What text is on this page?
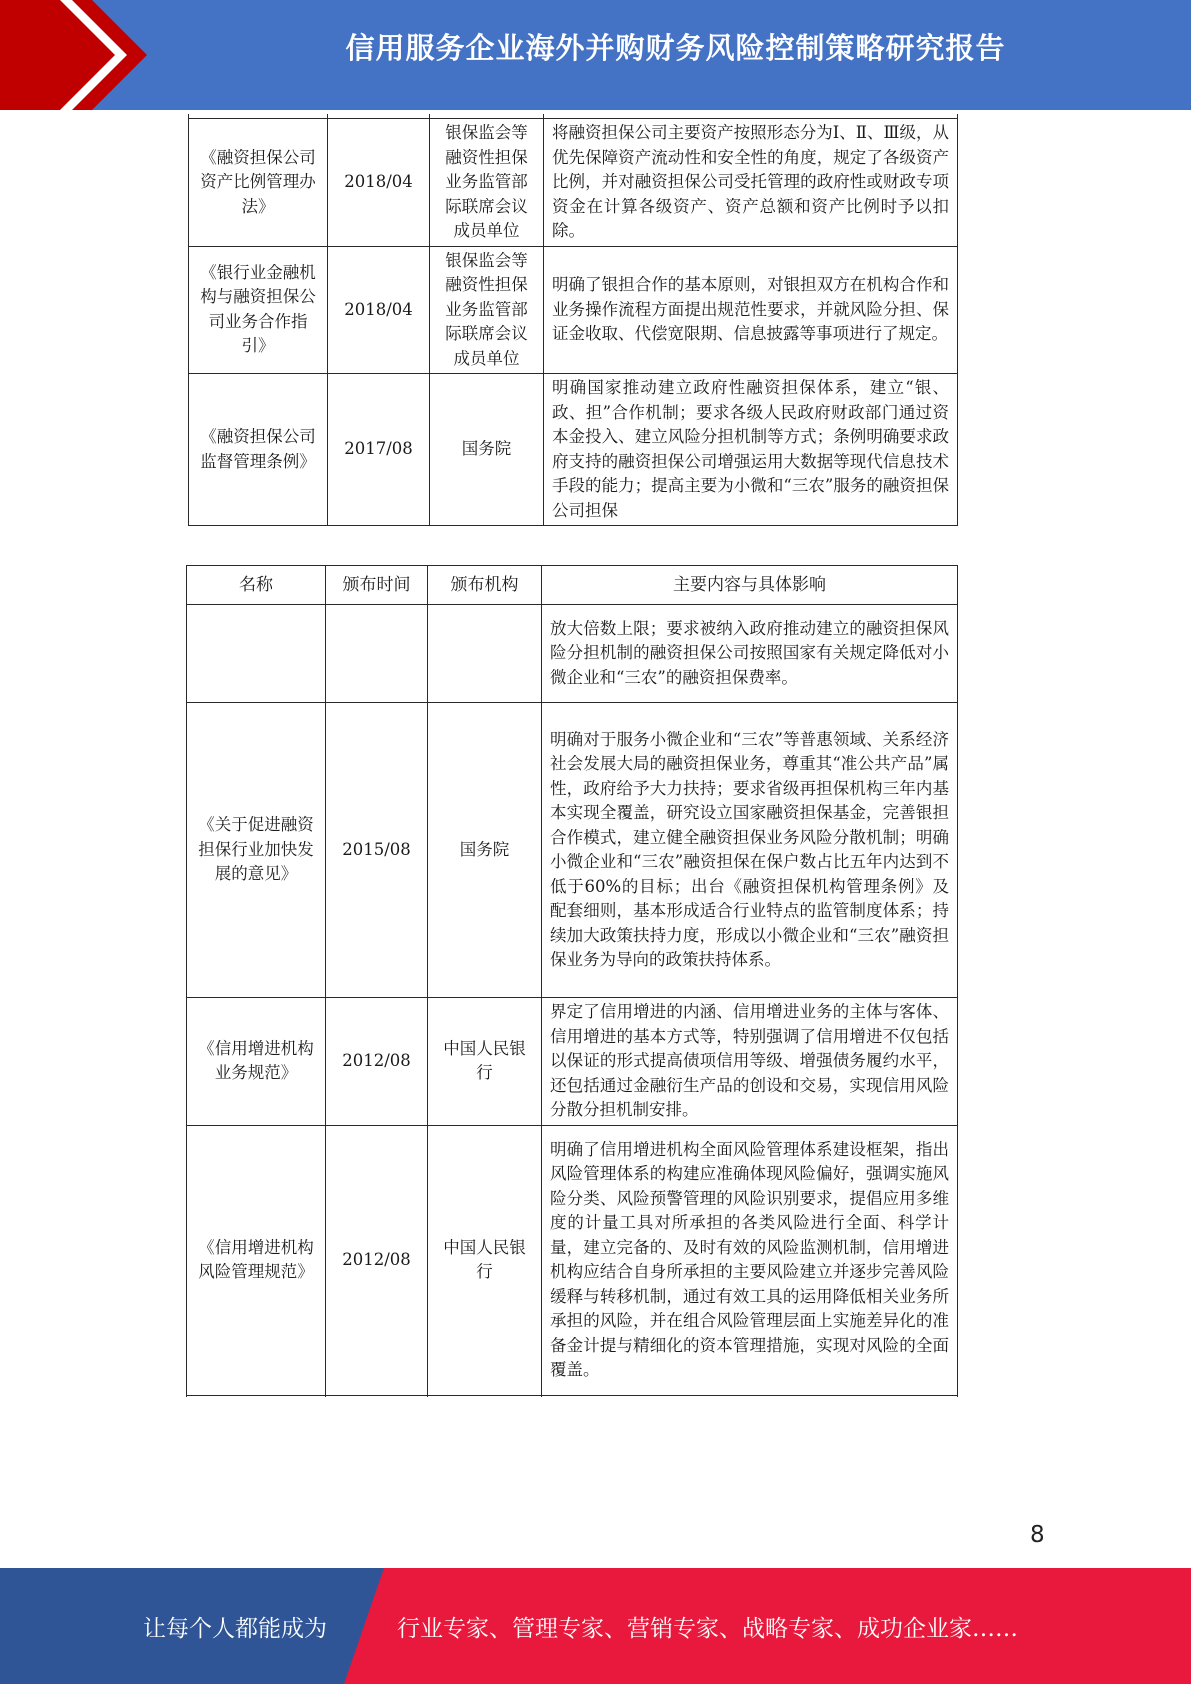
信用服务企业海外并购财务风险控制策略研究报告

《融资担保公司资产比例管理办法》	2018/04	银保监会等融资性担保业务监管部际联席会议成员单位	将融资担保公司主要资产按照形态分为Ⅰ、Ⅱ、Ⅲ级，从优先保障资产流动性和安全性的角度，规定了各级资产比例，并对融资担保公司受托管理的政府性或财政专项资金在计算各级资产、资产总额和资产比例时予以扣除。
《银行业金融机构与融资担保公司业务合作指引》	2018/04	银保监会等融资性担保业务监管部际联席会议成员单位	明确了银担合作的基本原则，对银担双方在机构合作和业务操作流程方面提出规范性要求，并就风险分担、保证金收取、代偿宽限期、信息披露等事项进行了规定。
《融资担保公司监督管理条例》	2017/08	国务院	明确国家推动建立政府性融资担保体系，建立“银、政、担”合作机制；要求各级人民政府财政部门通过资本金投入、建立风险分担机制等方式；条例明确要求政府支持的融资担保公司增强运用大数据等现代信息技术手段的能力；提高主要为小微和“三农”服务的融资担保公司担保
名称	颁布时间	颁布机构	主要内容与具体影响
			放大倍数上限；要求被纳入政府推动建立的融资担保风险分担机制的融资担保公司按照国家有关规定降低对小微企业和“三农”的融资担保费率。
《关于促进融资担保行业加快发展的意见》	2015/08	国务院	明确对于服务小微企业和“三农”等普惠领域、关系经济社会发展大局的融资担保业务，尊重其“准公共产品”属性，政府给予大力扶持；要求省级再担保机构三年内基本实现全覆盖，研究设立国家融资担保基金，完善银担合作模式，建立健全融资担保业务风险分散机制；明确小微企业和“三农”融资担保在保户数占比五年内达到不低于60%的目标；出台《融资担保机构管理条例》及配套细则，基本形成适合行业特点的监管制度体系；持续加大政策扶持力度，形成以小微企业和“三农”融资担保业务为导向的政策扶持体系。
《信用增进机构业务规范》	2012/08	中国人民银行	界定了信用增进的内涵、信用增进业务的主体与客体、信用增进的基本方式等，特别强调了信用增进不仅包括以保证的形式提高债项信用等级、增强债务履约水平，还包括通过金融衍生产品的创设和交易，实现信用风险分散分担机制安排。
《信用增进机构风险管理规范》	2012/08	中国人民银行	明确了信用增进机构全面风险管理体系建设框架，指出风险管理体系的构建应准确体现风险偏好，强调实施风险分类、风险预警管理的风险识别要求，提倡应用多维度的计量工具对所承担的各类风险进行全面、科学计量，建立完备的、及时有效的风险监测机制，信用增进机构应结合自身所承担的主要风险建立并逐步完善风险缓释与转移机制，通过有效工具的运用降低相关业务所承担的风险，并在组合风险管理层面上实施差异化的准备金计提与精细化的资本管理措施，实现对风险的全面覆盖。

8
让每个人都能成为	行业专家、管理专家、营销专家、战略专家、成功企业家……
